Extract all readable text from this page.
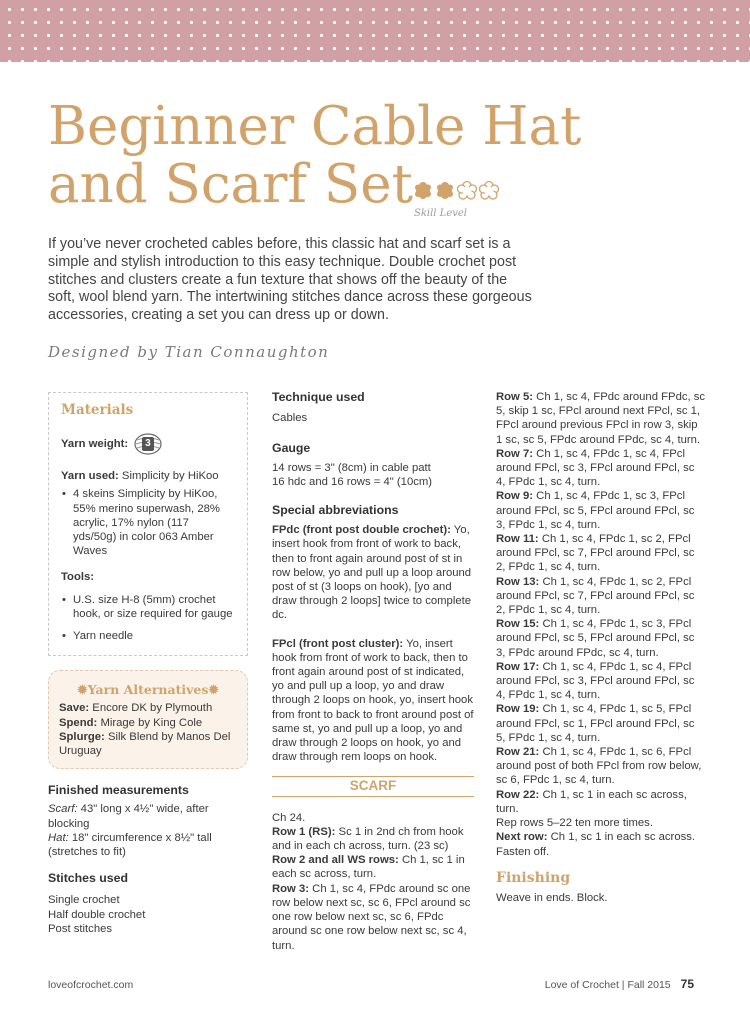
Beginner Cable Hat
and Scarf Set Skill Level

If you’ve never crocheted cables before, this classic hat and scarf set is a simple and stylish introduction to this easy technique. Double crochet post stitches and clusters create a fun texture that shows off the beauty of the soft, wool blend yarn. The intertwining stitches dance across these gorgeous accessories, creating a set you can dress up or down.

Designed by Tian Connaughton
Materials
Yarn weight: 3
Yarn used: Simplicity by HiKoo
• 4 skeins Simplicity by HiKoo, 55% merino superwash, 28% acrylic, 17% nylon (117 yds/50g) in color 063 Amber Waves
Tools:
• U.S. size H-8 (5mm) crochet hook, or size required for gauge
• Yarn needle
✹Yarn Alternatives✹
Save: Encore DK by Plymouth
Spend: Mirage by King Cole
Splurge: Silk Blend by Manos Del Uruguay
Finished measurements
Scarf: 43" long x 4½" wide, after blocking
Hat: 18" circumference x 8½" tall (stretches to fit)
Stitches used
Single crochet
Half double crochet
Post stitches
Technique used
Cables
Gauge
14 rows = 3" (8cm) in cable patt
16 hdc and 16 rows = 4" (10cm)
Special abbreviations

FPdc (front post double crochet): Yo, insert hook from front of work to back, then to front again around post of st in row below, yo and pull up a loop around post of st (3 loops on hook), [yo and draw through 2 loops] twice to complete dc.

FPcl (front post cluster): Yo, insert hook from front of work to back, then to front again around post of st indicated, yo and pull up a loop, yo and draw through 2 loops on hook, yo, insert hook from front to back to front around post of same st, yo and pull up a loop, yo and draw through 2 loops on hook, yo and draw through rem loops on hook.

SCARF
Ch 24.

Row 1 (RS): Sc 1 in 2nd ch from hook and in each ch across, turn. (23 sc)

Row 2 and all WS rows: Ch 1, sc 1 in each sc across, turn.

Row 3: Ch 1, sc 4, FPdc around sc one row below next sc, sc 6, FPcl around sc one row below next sc, sc 6, FPdc around sc one row below next sc, sc 4, turn.

Row 5: Ch 1, sc 4, FPdc around FPdc, sc 5, skip 1 sc, FPcl around next FPcl, sc 1, FPcl around previous FPcl in row 3, skip 1 sc, sc 5, FPdc around FPdc, sc 4, turn.

Row 7: Ch 1, sc 4, FPdc 1, sc 4, FPcl around FPcl, sc 3, FPcl around FPcl, sc 4, FPdc 1, sc 4, turn.

Row 9: Ch 1, sc 4, FPdc 1, sc 3, FPcl around FPcl, sc 5, FPcl around FPcl, sc 3, FPdc 1, sc 4, turn.

Row 11: Ch 1, sc 4, FPdc 1, sc 2, FPcl around FPcl, sc 7, FPcl around FPcl, sc 2, FPdc 1, sc 4, turn.

Row 13: Ch 1, sc 4, FPdc 1, sc 2, FPcl around FPcl, sc 7, FPcl around FPcl, sc 2, FPdc 1, sc 4, turn.

Row 15: Ch 1, sc 4, FPdc 1, sc 3, FPcl around FPcl, sc 5, FPcl around FPcl, sc 3, FPdc around FPdc, sc 4, turn.

Row 17: Ch 1, sc 4, FPdc 1, sc 4, FPcl around FPcl, sc 3, FPcl around FPcl, sc 4, FPdc 1, sc 4, turn.

Row 19: Ch 1, sc 4, FPdc 1, sc 5, FPcl around FPcl, sc 1, FPcl around FPcl, sc 5, FPdc 1, sc 4, turn.

Row 21: Ch 1, sc 4, FPdc 1, sc 6, FPcl around post of both FPcl from row below, sc 6, FPdc 1, sc 4, turn.

Row 22: Ch 1, sc 1 in each sc across, turn.

Rep rows 5–22 ten more times.

Next row: Ch 1, sc 1 in each sc across. Fasten off.

Finishing
Weave in ends. Block.
loveofcrochet.com	Love of Crochet | Fall 2015 75
